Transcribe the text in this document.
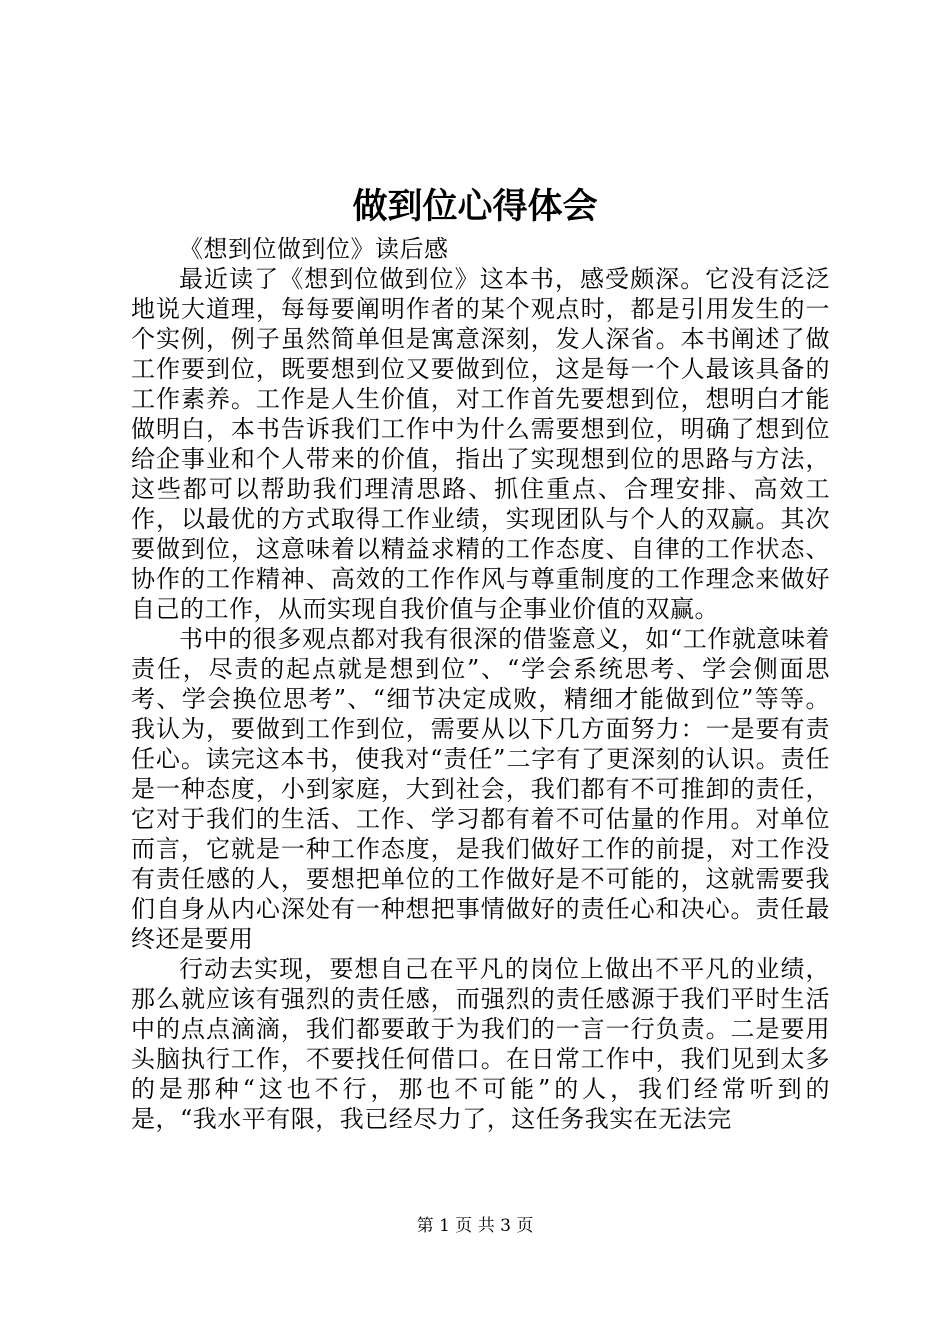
做到位心得体会

《想到位做到位》读后感

最近读了《想到位做到位》这本书，感受颇深。它没有泛泛地说大道理，每每要阐明作者的某个观点时，都是引用发生的一个实例，例子虽然简单但是寓意深刻，发人深省。本书阐述了做工作要到位，既要想到位又要做到位，这是每一个人最该具备的工作素养。工作是人生价值，对工作首先要想到位，想明白才能做明白，本书告诉我们工作中为什么需要想到位，明确了想到位给企事业和个人带来的价值，指出了实现想到位的思路与方法，这些都可以帮助我们理清思路、抓住重点、合理安排、高效工作，以最优的方式取得工作业绩，实现团队与个人的双赢。其次要做到位，这意味着以精益求精的工作态度、自律的工作状态、协作的工作精神、高效的工作作风与尊重制度的工作理念来做好自己的工作，从而实现自我价值与企事业价值的双赢。

书中的很多观点都对我有很深的借鉴意义，如“工作就意味着责任，尽责的起点就是想到位”、“学会系统思考、学会侧面思考、学会换位思考”、“细节决定成败，精细才能做到位”等等。我认为，要做到工作到位，需要从以下几方面努力：一是要有责任心。读完这本书，使我对“责任”二字有了更深刻的认识。责任是一种态度，小到家庭，大到社会，我们都有不可推卸的责任，它对于我们的生活、工作、学习都有着不可估量的作用。对单位而言，它就是一种工作态度，是我们做好工作的前提，对工作没有责任感的人，要想把单位的工作做好是不可能的，这就需要我们自身从内心深处有一种想把事情做好的责任心和决心。责任最终还是要用

行动去实现，要想自己在平凡的岗位上做出不平凡的业绩，那么就应该有强烈的责任感，而强烈的责任感源于我们平时生活中的点点滴滴，我们都要敢于为我们的一言一行负责。二是要用头脑执行工作，不要找任何借口。在日常工作中，我们见到太多的是那种“这也不行，那也不可能”的人，我们经常听到的是，“我水平有限，我已经尽力了，这任务我实在无法完

第 1 页 共 3 页
